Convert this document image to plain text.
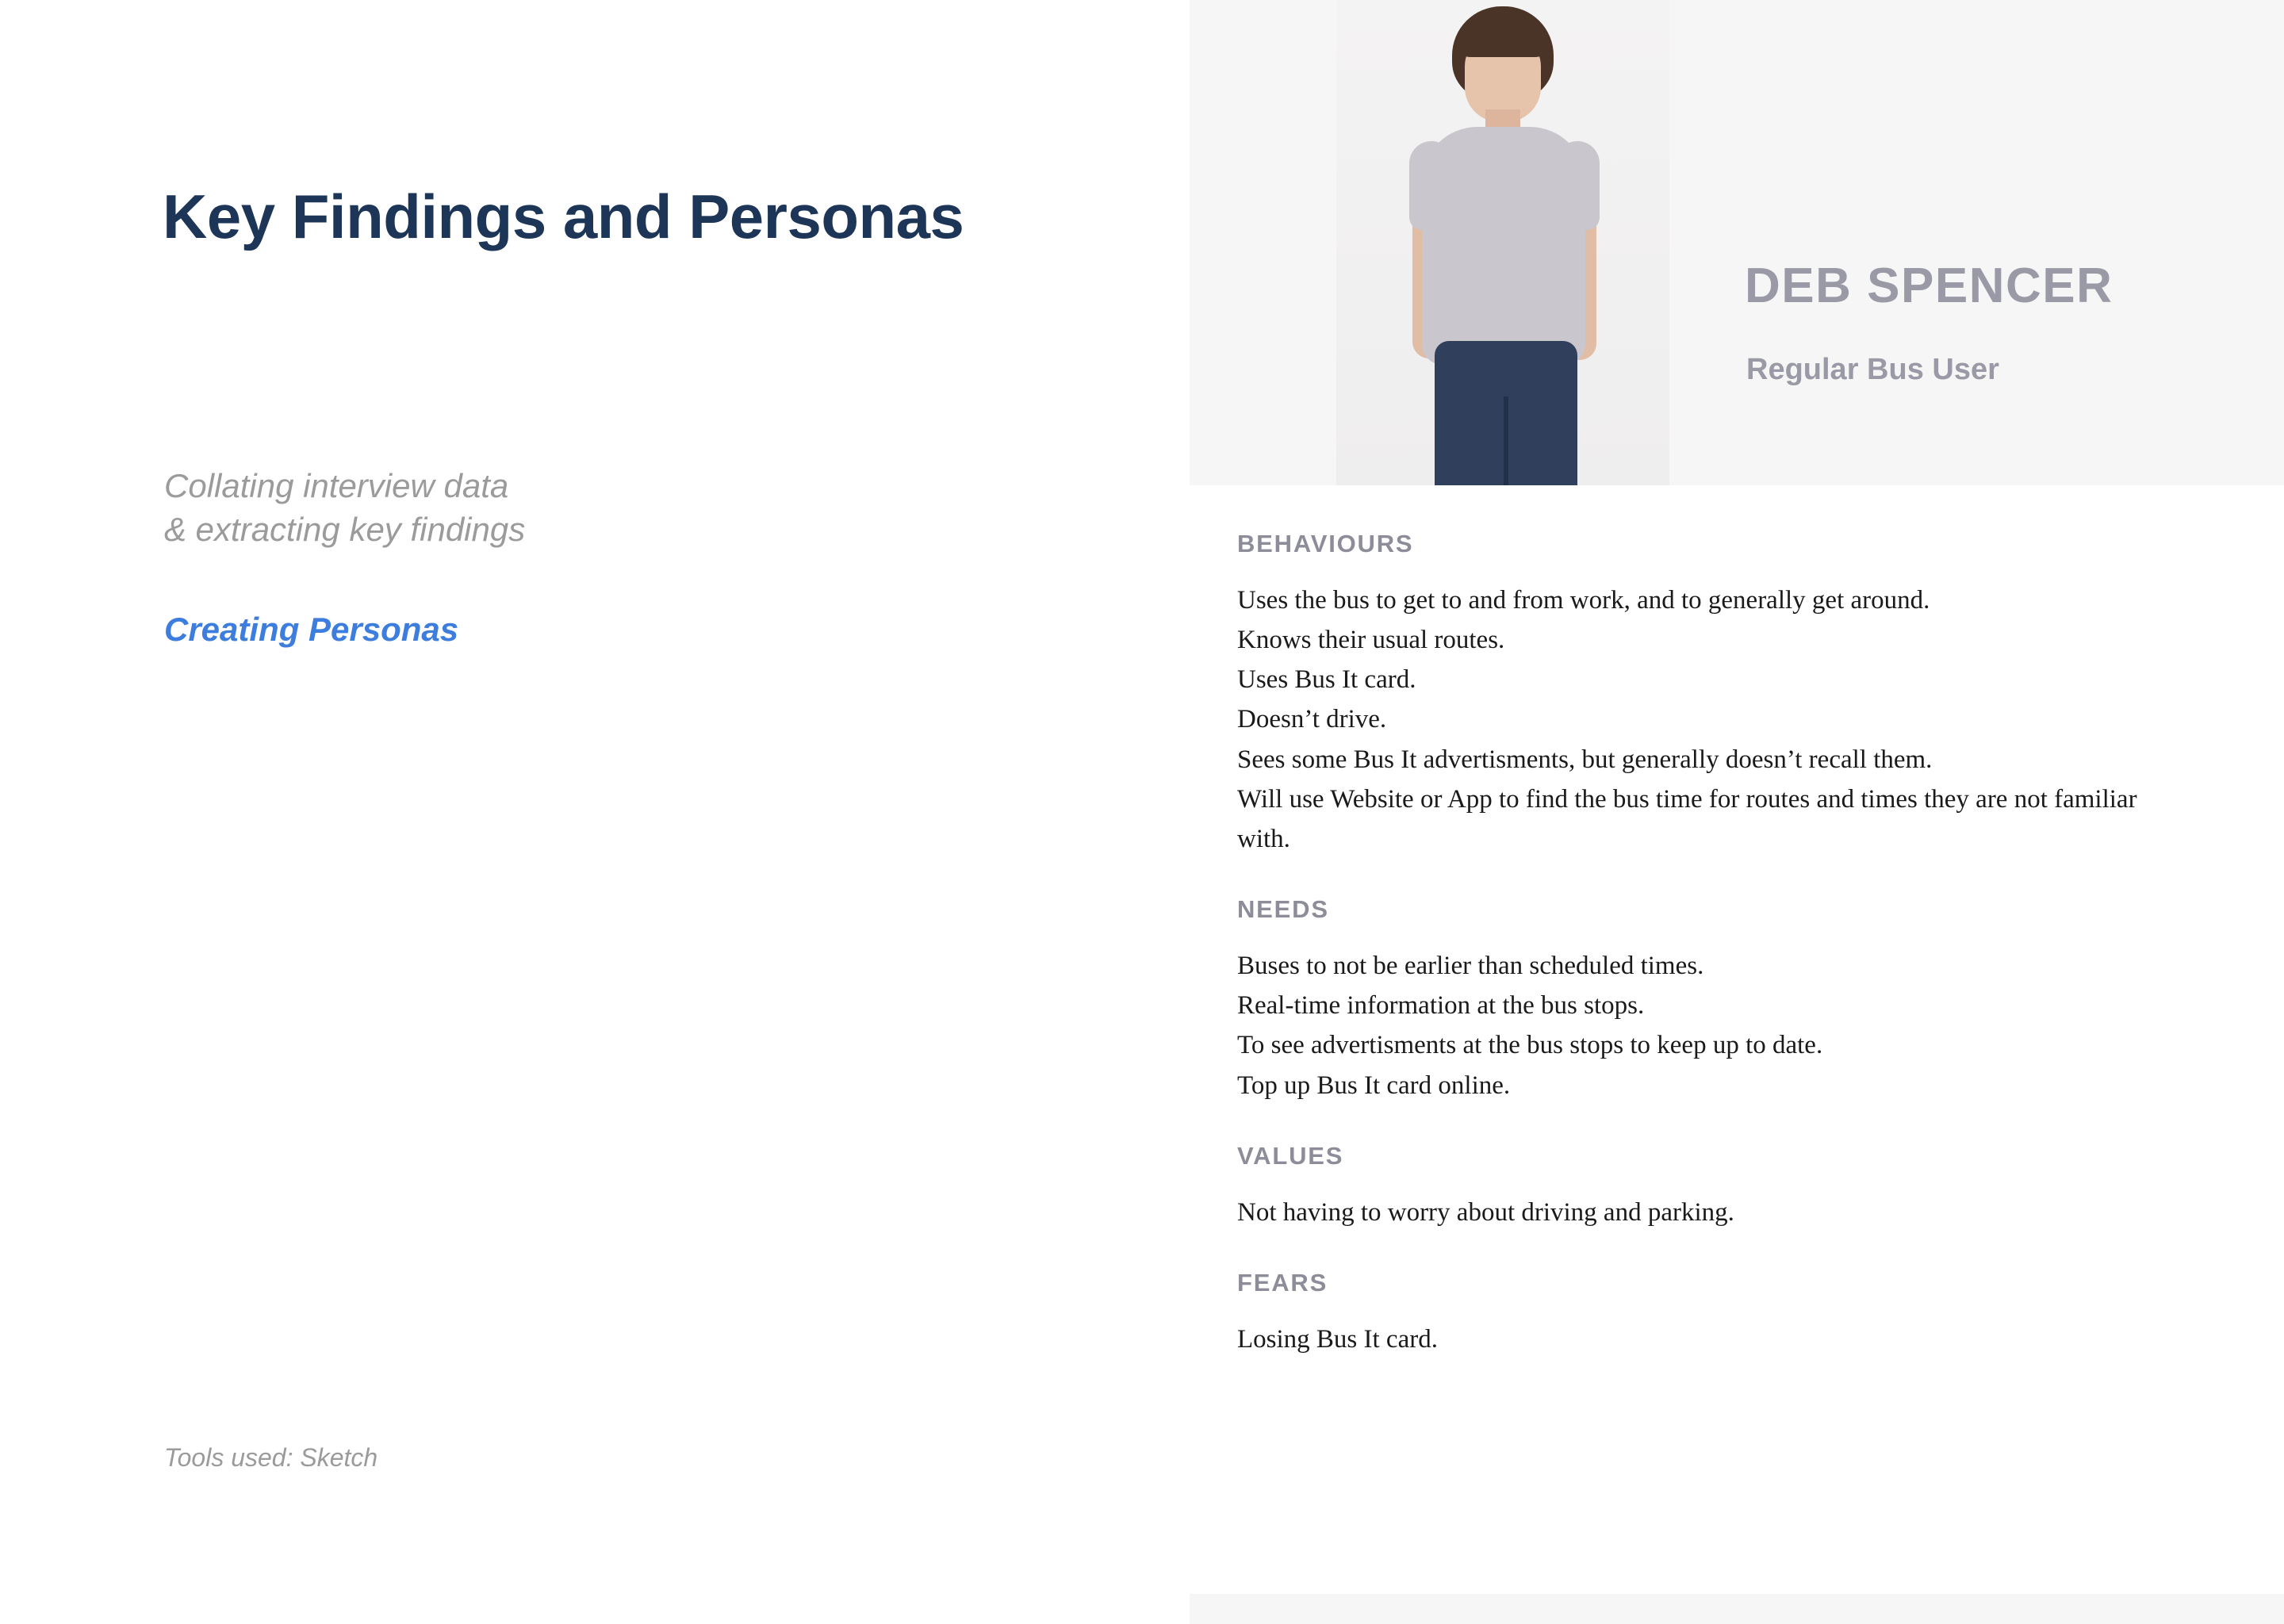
Key Findings and Personas
Collating interview data
& extracting key findings
Creating Personas
Tools used: Sketch
DEB SPENCER
Regular Bus User
BEHAVIOURS
Uses the bus to get to and from work, and to generally get around.
Knows their usual routes.
Uses Bus It card.
Doesn’t drive.
Sees some Bus It advertisments, but generally doesn’t recall them.
Will use Website or App to find the bus time for routes and times they are not familiar with.
NEEDS
Buses to not be earlier than scheduled times.
Real-time information at the bus stops.
To see advertisments at the bus stops to keep up to date.
Top up Bus It card online.
VALUES
Not having to worry about driving and parking.
FEARS
Losing Bus It card.
